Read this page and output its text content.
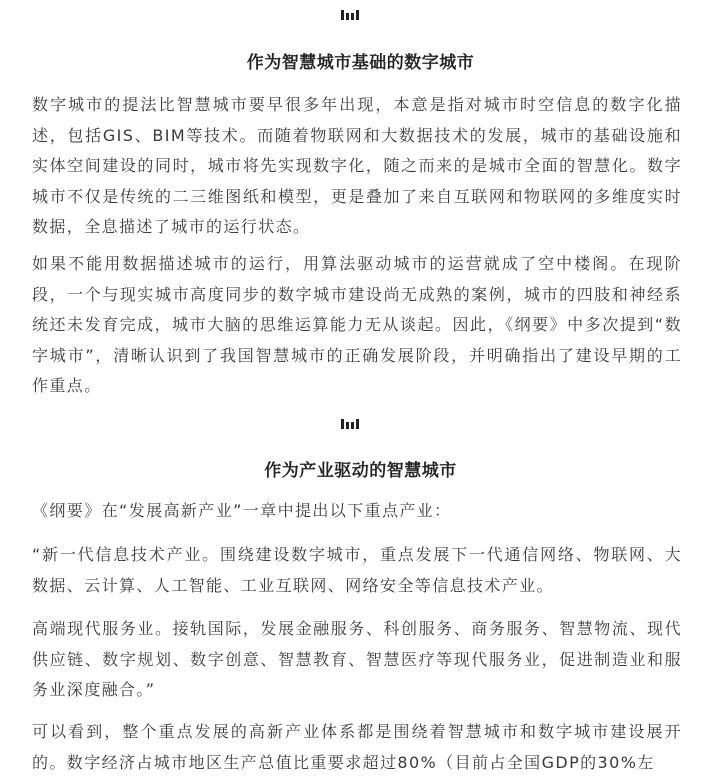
作为智慧城市基础的数字城市

数字城市的提法比智慧城市要早很多年出现，本意是指对城市时空信息的数字化描述，包括GIS、BIM等技术。而随着物联网和大数据技术的发展，城市的基础设施和实体空间建设的同时，城市将先实现数字化，随之而来的是城市全面的智慧化。数字城市不仅是传统的二三维图纸和模型，更是叠加了来自互联网和物联网的多维度实时数据，全息描述了城市的运行状态。

如果不能用数据描述城市的运行，用算法驱动城市的运营就成了空中楼阁。在现阶段，一个与现实城市高度同步的数字城市建设尚无成熟的案例，城市的四肢和神经系统还未发育完成，城市大脑的思维运算能力无从谈起。因此，《纲要》中多次提到“数字城市”，清晰认识到了我国智慧城市的正确发展阶段，并明确指出了建设早期的工作重点。

作为产业驱动的智慧城市

《纲要》在“发展高新产业”一章中提出以下重点产业：

“新一代信息技术产业。围绕建设数字城市，重点发展下一代通信网络、物联网、大数据、云计算、人工智能、工业互联网、网络安全等信息技术产业。

高端现代服务业。接轨国际，发展金融服务、科创服务、商务服务、智慧物流、现代供应链、数字规划、数字创意、智慧教育、智慧医疗等现代服务业，促进制造业和服务业深度融合。”

可以看到，整个重点发展的高新产业体系都是围绕着智慧城市和数字城市建设展开的。数字经济占城市地区生产总值比重要求超过80%（目前占全国GDP的30%左
